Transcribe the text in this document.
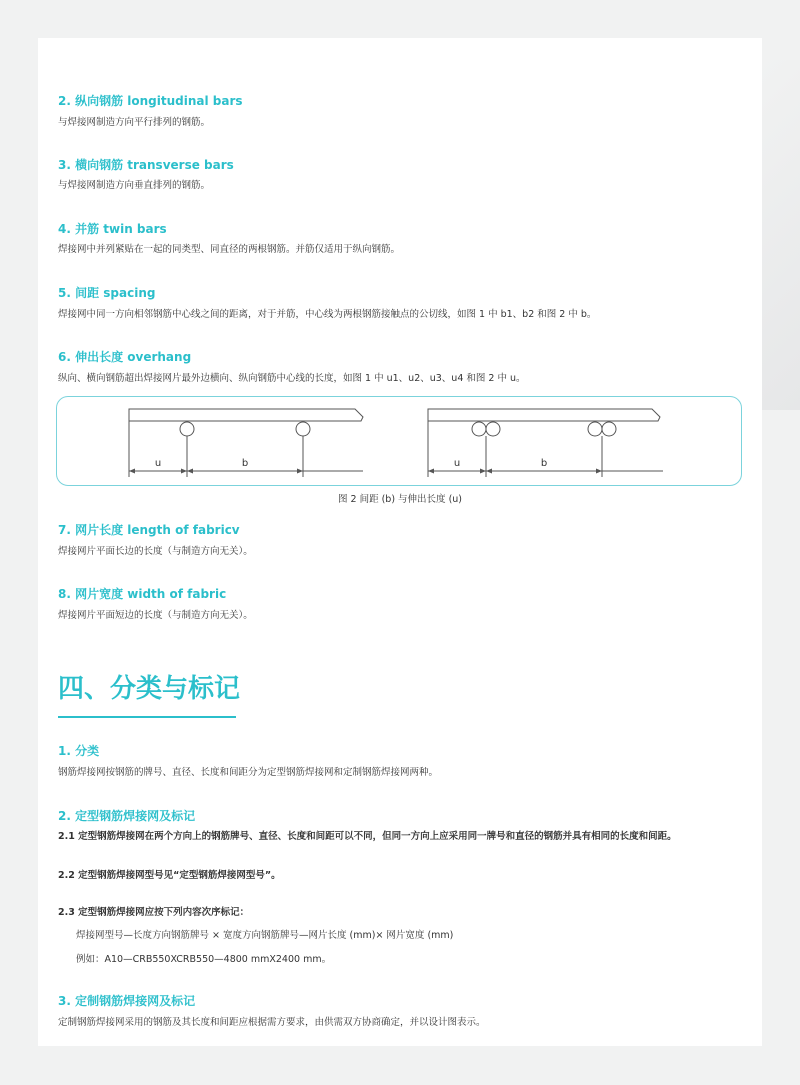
2. 纵向钢筋 longitudinal bars

与焊接网制造方向平行排列的钢筋。

3. 横向钢筋 transverse bars

与焊接网制造方向垂直排列的钢筋。

4. 并筋 twin bars

焊接网中并列紧贴在一起的同类型、同直径的两根钢筋。并筋仅适用于纵向钢筋。

5. 间距 spacing

焊接网中同一方向相邻钢筋中心线之间的距离，对于并筋，中心线为两根钢筋接触点的公切线，如图 1 中 b1、b2 和图 2 中 b。

6. 伸出长度 overhang

纵向、横向钢筋超出焊接网片最外边横向、纵向钢筋中心线的长度，如图 1 中 u1、u2、u3、u4 和图 2 中 u。

u	b	u	b

图 2 间距 (b) 与伸出长度 (u)

7. 网片长度 length of fabricv

焊接网片平面长边的长度（与制造方向无关）。

8. 网片宽度 width of fabric

焊接网片平面短边的长度（与制造方向无关）。

四、分类与标记
1. 分类

钢筋焊接网按钢筋的牌号、直径、长度和间距分为定型钢筋焊接网和定制钢筋焊接网两种。

2. 定型钢筋焊接网及标记

2.1 定型钢筋焊接网在两个方向上的钢筋牌号、直径、长度和间距可以不同，但同一方向上应采用同一牌号和直径的钢筋并具有相同的长度和间距。

2.2 定型钢筋焊接网型号见“定型钢筋焊接网型号”。

2.3 定型钢筋焊接网应按下列内容次序标记：

焊接网型号—长度方向钢筋牌号 × 宽度方向钢筋牌号—网片长度 (mm)× 网片宽度 (mm)

例如：A10—CRB550XCRB550—4800 mmX2400 mm。

3. 定制钢筋焊接网及标记

定制钢筋焊接网采用的钢筋及其长度和间距应根据需方要求，由供需双方协商确定，并以设计图表示。
